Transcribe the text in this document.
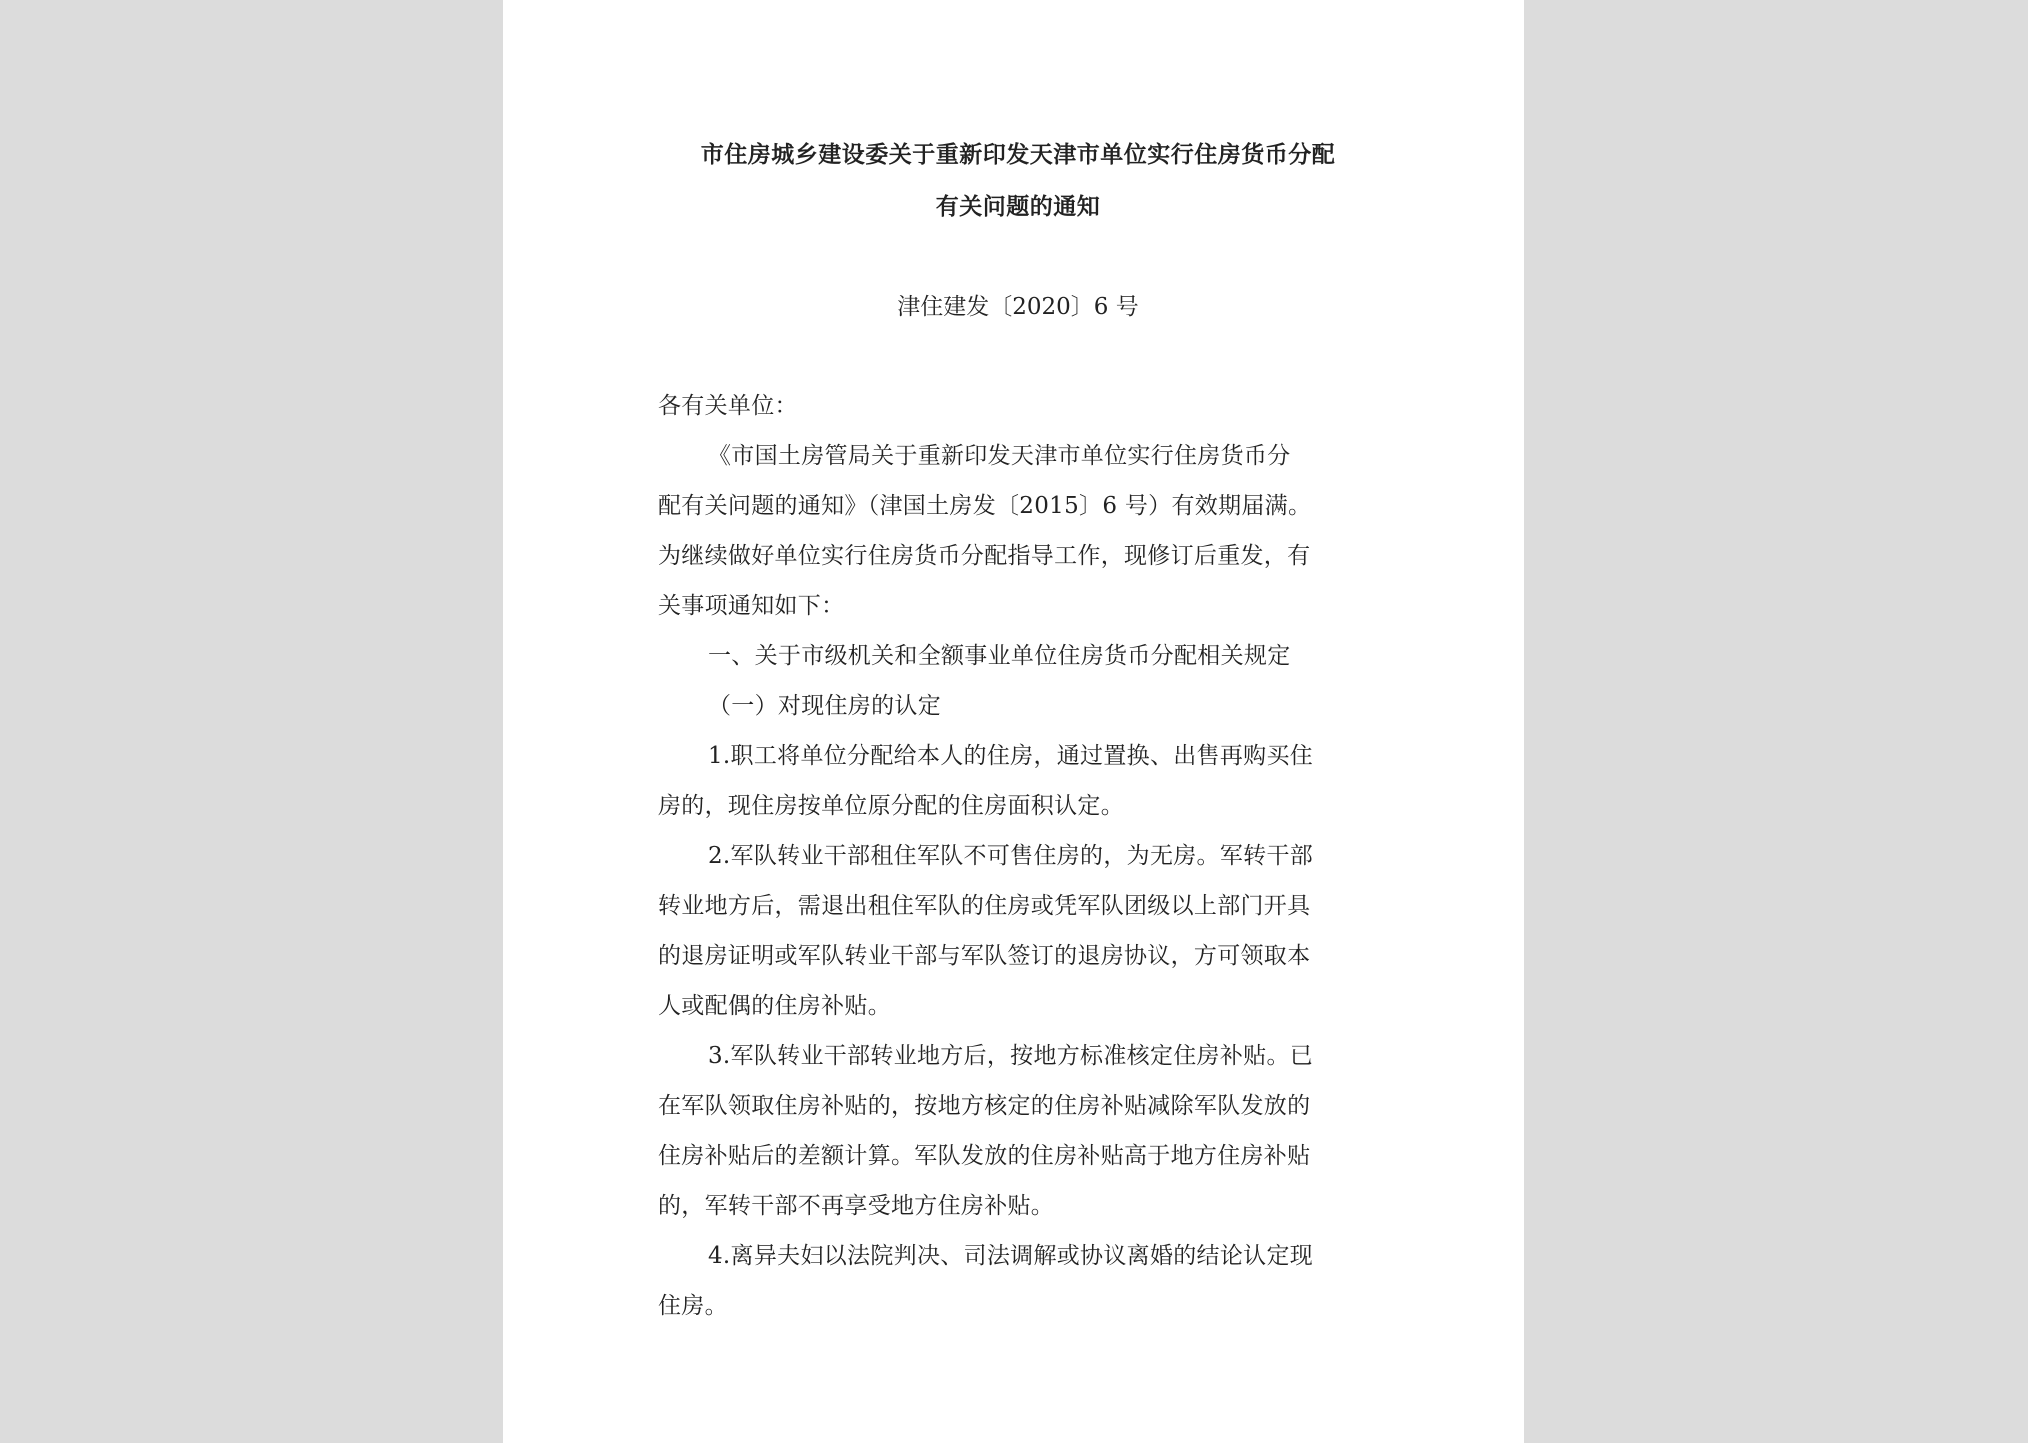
市住房城乡建设委关于重新印发天津市单位实行住房货币分配
有关问题的通知
津住建发〔2020〕6 号
各有关单位：
《市国土房管局关于重新印发天津市单位实行住房货币分
配有关问题的通知》（津国土房发〔2015〕6 号）有效期届满。
为继续做好单位实行住房货币分配指导工作，现修订后重发，有
关事项通知如下：
一、关于市级机关和全额事业单位住房货币分配相关规定
（一）对现住房的认定
1.职工将单位分配给本人的住房，通过置换、出售再购买住
房的，现住房按单位原分配的住房面积认定。
2.军队转业干部租住军队不可售住房的，为无房。军转干部
转业地方后，需退出租住军队的住房或凭军队团级以上部门开具
的退房证明或军队转业干部与军队签订的退房协议，方可领取本
人或配偶的住房补贴。
3.军队转业干部转业地方后，按地方标准核定住房补贴。已
在军队领取住房补贴的，按地方核定的住房补贴减除军队发放的
住房补贴后的差额计算。军队发放的住房补贴高于地方住房补贴
的，军转干部不再享受地方住房补贴。
4.离异夫妇以法院判决、司法调解或协议离婚的结论认定现
住房。
